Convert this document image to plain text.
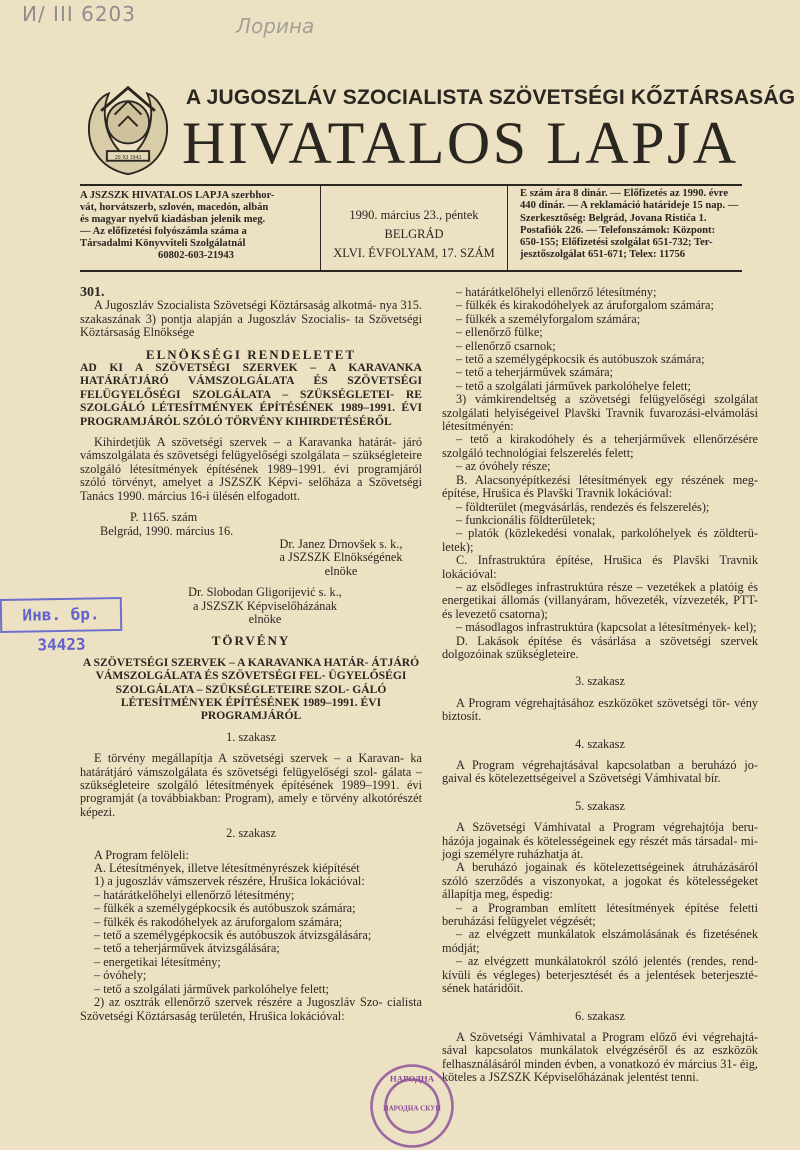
И/ III 6203	Лорина
29 XI 1943
A JUGOSZLÁV SZOCIALISTA SZÖVETSÉGI KŐZTÁRSASÁG
HIVATALOS LAPJA
A JSZSZK HIVATALOS LAPJA szerbhor-
vát, horvátszerb, szlovén, macedón, albán
és magyar nyelvű kiadásban jelenik meg.
— Az előfizetési folyószámla száma a
Társadalmi Könyvviteli Szolgálatnál
60802-603-21943
1990. március 23., péntek
BELGRÁD
XLVI. ÉVFOLYAM, 17. SZÁM
E szám ára 8 dinár. — Előfizetés az 1990. évre
440 dinár. — A reklamáció határideje 15 nap. —
Szerkesztőség: Belgrád, Jovana Ristića 1.
Postafiók 226. — Telefonszámok: Központ:
650-155; Előfizetési szolgálat 651-732; Ter-
jesztőszolgálat 651-671; Telex: 11756

301.

A Jugoszláv Szocialista Szövetségi Köztársaság alkotmá- nya 315. szakaszának 3) pontja alapján a Jugoszláv Szocialis- ta Szövetségi Köztársaság Elnöksége

ELNÖKSÉGI RENDELETET

AD KI A SZÖVETSÉGI SZERVEK – A KARAVANKA HATÁRÁTJÁRÓ VÁMSZOLGÁLATA ÉS SZÖVETSÉGI FELÜGYELŐSÉGI SZOLGÁLATA – SZÜKSÉGLETEI- RE SZOLGÁLÓ LÉTESÍTMÉNYEK ÉPÍTÉSÉNEK 1989–1991. ÉVI PROGRAMJÁRÓL SZÓLÓ TÖRVÉNY KIHIRDETÉSÉRŐL

Kihirdetjük A szövetségi szervek – a Karavanka határát- járó vámszolgálata és szövetségi felügyelőségi szolgálata – szükségleteire szolgáló létesítmények építésének 1989–1991. évi programjáról szóló törvényt, amelyet a JSZSZK Képvi- selőháza a Szövetségi Tanács 1990. március 16-i ülésén elfogadott.

P. 1165. szám

Belgrád, 1990. március 16.

Dr. Janez Drnovšek s. k.,

a JSZSZK Elnökségének

elnöke

Dr. Slobodan Gligorijević s. k.,

a JSZSZK Képviselőházának

elnöke

TÖRVÉNY

A SZÖVETSÉGI SZERVEK – A KARAVANKA HATÁR- ÁTJÁRÓ VÁMSZOLGÁLATA ÉS SZÖVETSÉGI FEL- ÜGYELŐSÉGI SZOLGÁLATA – SZÜKSÉGLETEIRE SZOL- GÁLÓ LÉTESÍTMÉNYEK ÉPÍTÉSÉNEK 1989–1991. ÉVI PROGRAMJÁRÓL

1. szakasz

E törvény megállapítja A szövetségi szervek – a Karavan- ka határátjáró vámszolgálata és szövetségi felügyelőségi szol- gálata – szükségleteire szolgáló létesítmények építésének 1989–1991. évi programját (a továbbiakban: Program), amely e törvény alkotórészét képezi.

2. szakasz

A Program felöleli:

A. Létesítmények, illetve létesítményrészek kiépítését

1) a jugoszláv vámszervek részére, Hrušica lokációval:

– határátkelőhelyi ellenőrző létesítmény;

– fülkék a személygépkocsik és autóbuszok számára;

– fülkék és rakodóhelyek az áruforgalom számára;

– tető a személygépkocsik és autóbuszok átvizsgálására;

– tető a teherjárművek átvizsgálására;

– energetikai létesítmény;

– óvóhely;

– tető a szolgálati járművek parkolóhelye felett;

2) az osztrák ellenőrző szervek részére a Jugoszláv Szo- cialista Szövetségi Köztársaság területén, Hrušica lokációval:

– határátkelőhelyi ellenőrző létesítmény;

– fülkék és kirakodóhelyek az áruforgalom számára;

– fülkék a személyforgalom számára;

– ellenőrző fülke;

– ellenőrző csarnok;

– tető a személygépkocsik és autóbuszok számára;

– tető a teherjárművek számára;

– tető a szolgálati járművek parkolóhelye felett;

3) vámkirendeltség a szövetségi felügyelőségi szolgálat szolgálati helyiségeivel Plavški Travnik fuvarozási-elvámolási létesítményén:

– tető a kirakodóhely és a teherjárművek ellenőrzésére szolgáló technológiai felszerelés felett;

– az óvóhely része;

B. Alacsonyépítkezési létesítmények egy részének meg- építése, Hrušica és Plavški Travnik lokációval:

– földterület (megvásárlás, rendezés és felszerelés);

– funkcionális földterületek;

– platók (közlekedési vonalak, parkolóhelyek és zöldterü- letek);

C. Infrastruktúra építése, Hrušica és Plavški Travnik lokációval:

– az elsődleges infrastruktúra része – vezetékek a platóig és energetikai állomás (villanyáram, hővezeték, vízvezeték, PTT- és levezető csatorna);

– másodlagos infrastruktúra (kapcsolat a létesítmények- kel);

D. Lakások építése és vásárlása a szövetségi szervek dolgozóinak szükségleteire.

3. szakasz

A Program végrehajtásához eszközöket szövetségi tör- vény biztosít.

4. szakasz

A Program végrehajtásával kapcsolatban a beruházó jo- gaival és kötelezettségeivel a Szövetségi Vámhivatal bír.

5. szakasz

A Szövetségi Vámhivatal a Program végrehajtója beru- házója jogainak és kötelességeinek egy részét más társadal- mi-jogi személyre ruházhatja át.

A beruházó jogainak és kötelezettségeinek átruházásáról szóló szerződés a viszonyokat, a jogokat és kötelességeket állapítja meg, éspedig:

– a Programban említett létesítmények építése feletti beruházási felügyelet végzését;

– az elvégzett munkálatok elszámolásának és fizetésének módját;

– az elvégzett munkálatokról szóló jelentés (rendes, rend- kívüli és végleges) beterjesztését és a jelentések beterjeszté- sének határidőit.

6. szakasz

A Szövetségi Vámhivatal a Program előző évi végrehajtá- sával kapcsolatos munkálatok elvégzéséről és az eszközök felhasználásáról minden évben, a vonatkozó év március 31- éig, köteles a JSZSZK Képviselőházának jelentést tenni.

Инв. бр. 34423
НАРОДНА
НАРОДНА СКУП
